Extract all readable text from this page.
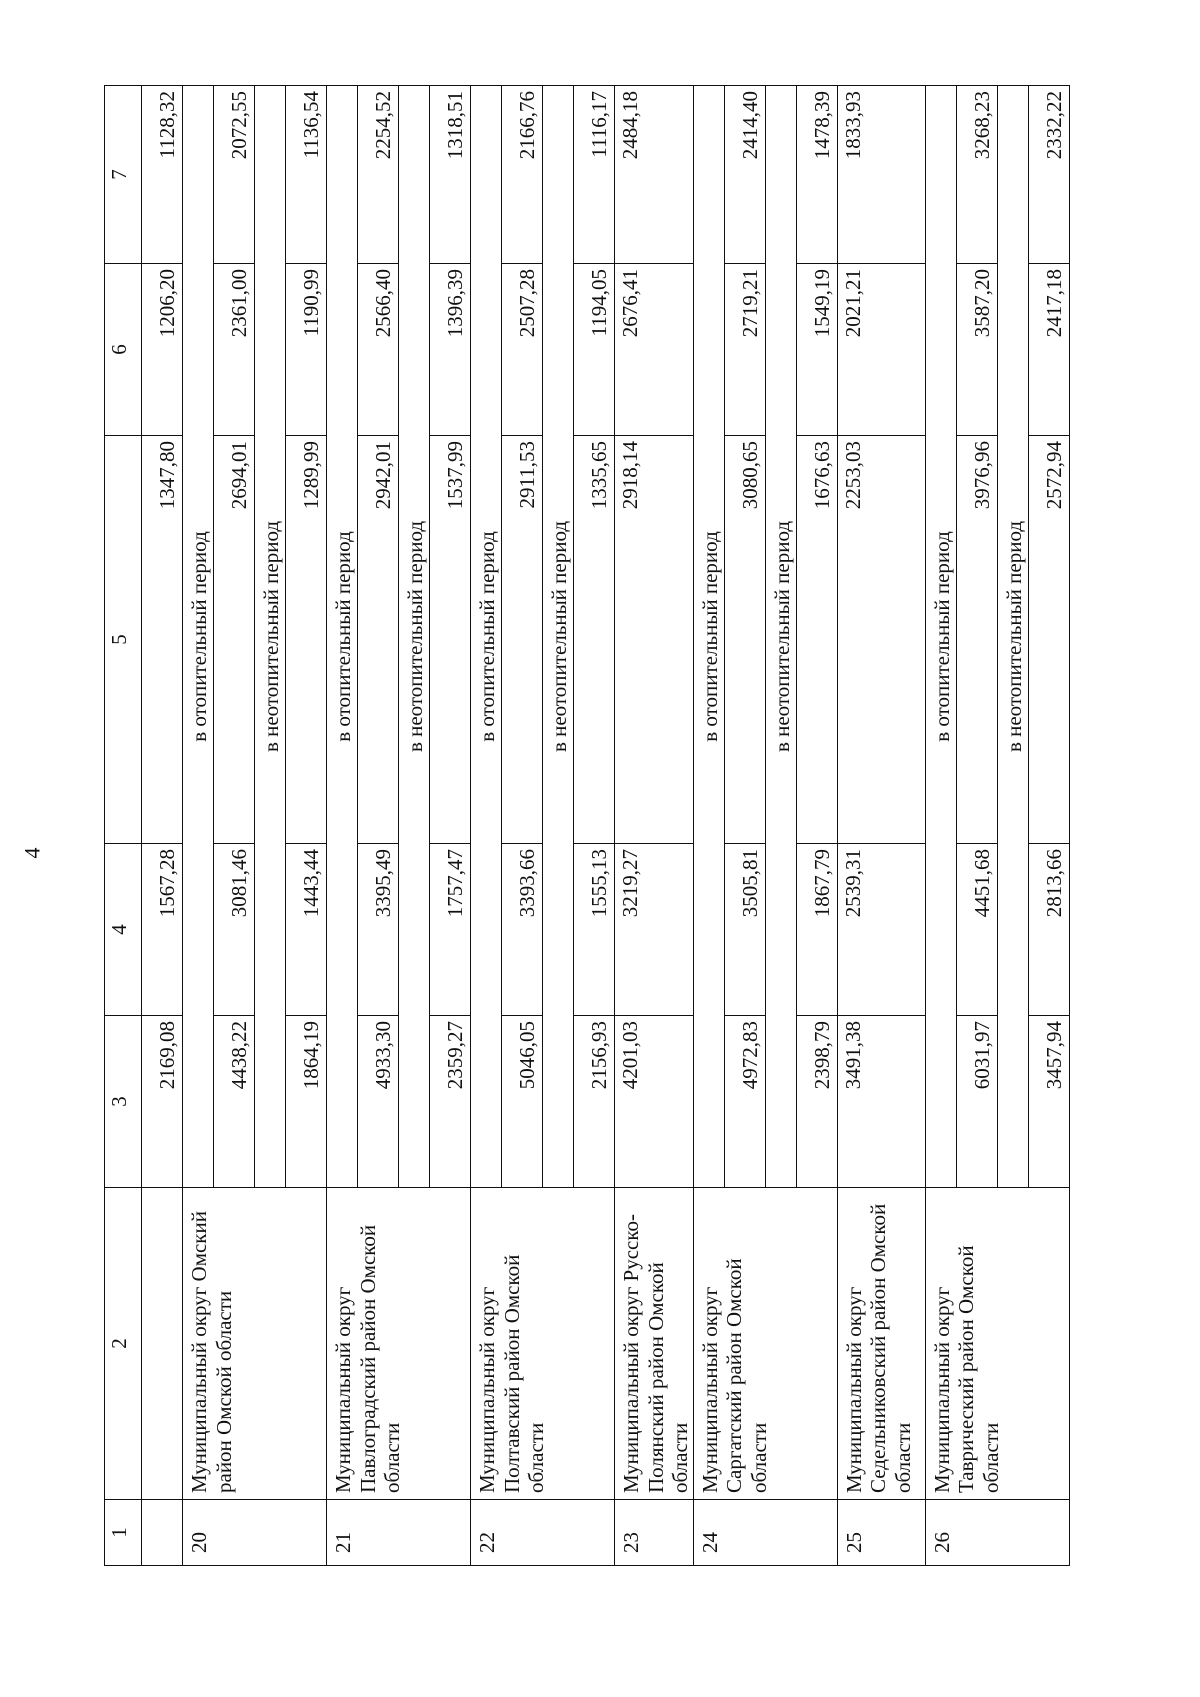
4
1	2	3	4	5	6	7
		2169,08	1567,28	1347,80	1206,20	1128,32
20	Муниципальный округ Омский район Омской области	в отопительный период				
		4438,22	3081,46	2694,01	2361,00	2072,55
		в неотопительный период				
		1864,19	1443,44	1289,99	1190,99	1136,54
21	Муниципальный округ Павлоградский район Омской области	в отопительный период				
		4933,30	3395,49	2942,01	2566,40	2254,52
		в неотопительный период				
		2359,27	1757,47	1537,99	1396,39	1318,51
22	Муниципальный округ Полтавский район Омской области	в отопительный период				
		5046,05	3393,66	2911,53	2507,28	2166,76
		в неотопительный период				
		2156,93	1555,13	1335,65	1194,05	1116,17
23	Муниципальный округ Русско-Полянский район Омской области	4201,03	3219,27	2918,14	2676,41	2484,18
24	Муниципальный округ Саргатский район Омской области	в отопительный период				
		4972,83	3505,81	3080,65	2719,21	2414,40
		в неотопительный период				
		2398,79	1867,79	1676,63	1549,19	1478,39
25	Муниципальный округ Седельниковский район Омской области	3491,38	2539,31	2253,03	2021,21	1833,93
26	Муниципальный округ Таврический район Омской области	в отопительный период				
		6031,97	4451,68	3976,96	3587,20	3268,23
		в неотопительный период				
		3457,94	2813,66	2572,94	2417,18	2332,22
